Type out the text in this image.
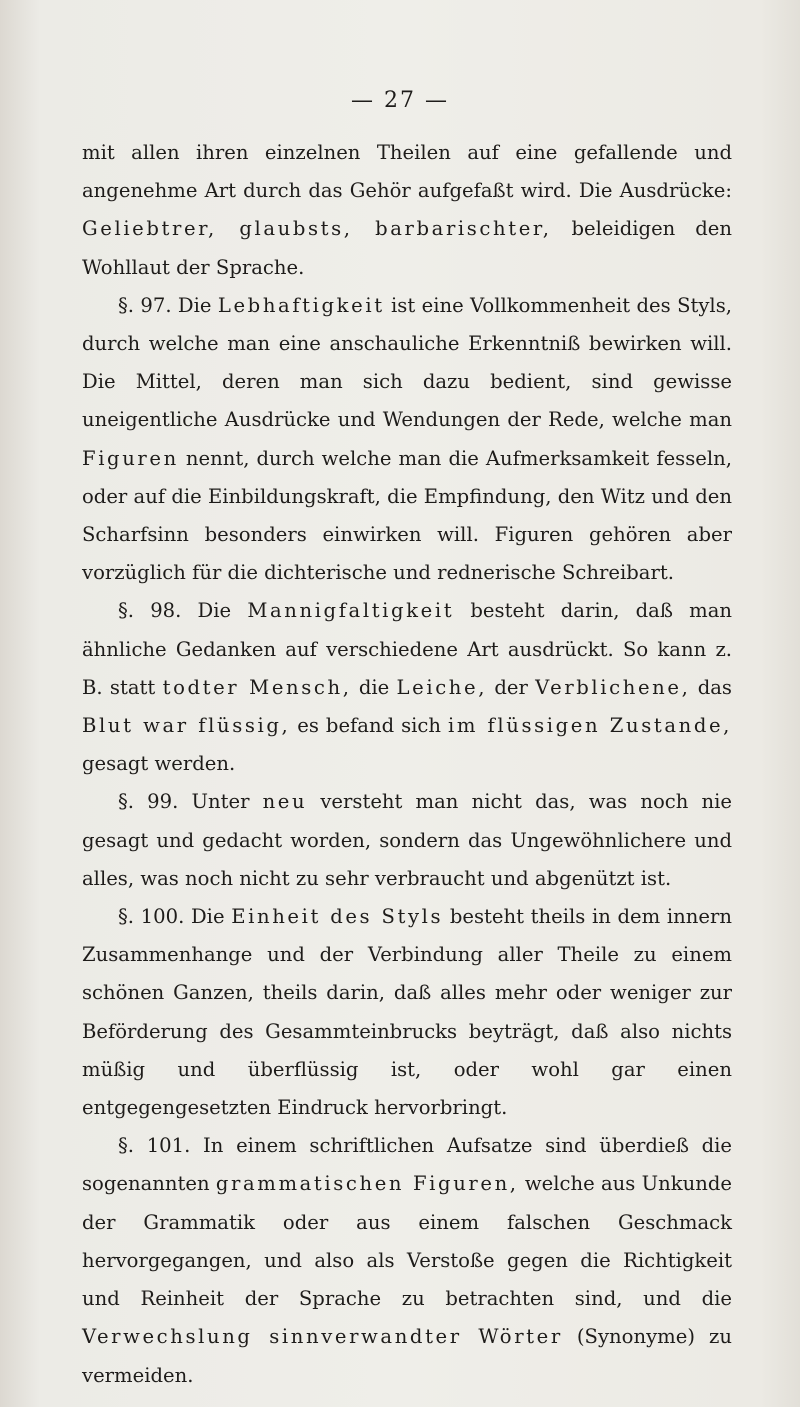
— 27 —

mit allen ihren einzelnen Theilen auf eine gefallende und angenehme Art durch das Gehör aufgefaßt wird. Die Ausdrücke: Geliebtrer, glaubsts, barbarischter, beleidigen den Wohllaut der Sprache.

§. 97. Die Lebhaftigkeit ist eine Vollkommenheit des Styls, durch welche man eine anschauliche Erkenntniß bewirken will. Die Mittel, deren man sich dazu bedient, sind gewisse uneigentliche Ausdrücke und Wendungen der Rede, welche man Figuren nennt, durch welche man die Aufmerksamkeit fesseln, oder auf die Einbildungskraft, die Empfindung, den Witz und den Scharfsinn besonders einwirken will. Figuren gehören aber vorzüglich für die dichterische und rednerische Schreibart.

§. 98. Die Mannigfaltigkeit besteht darin, daß man ähnliche Gedanken auf verschiedene Art ausdrückt. So kann z. B. statt todter Mensch, die Leiche, der Verblichene, das Blut war flüssig, es befand sich im flüssigen Zustande, gesagt werden.

§. 99. Unter neu versteht man nicht das, was noch nie gesagt und gedacht worden, sondern das Ungewöhnlichere und alles, was noch nicht zu sehr verbraucht und abgenützt ist.

§. 100. Die Einheit des Styls besteht theils in dem innern Zusammenhange und der Verbindung aller Theile zu einem schönen Ganzen, theils darin, daß alles mehr oder weniger zur Beförderung des Gesammteinbrucks beyträgt, daß also nichts müßig und überflüssig ist, oder wohl gar einen entgegengesetzten Eindruck hervorbringt.

§. 101. In einem schriftlichen Aufsatze sind überdieß die sogenannten grammatischen Figuren, welche aus Unkunde der Grammatik oder aus einem falschen Geschmack hervorgegangen, und also als Verstoße gegen die Richtigkeit und Reinheit der Sprache zu betrachten sind, und die Verwechslung sinnverwandter Wörter (Synonyme) zu vermeiden.
